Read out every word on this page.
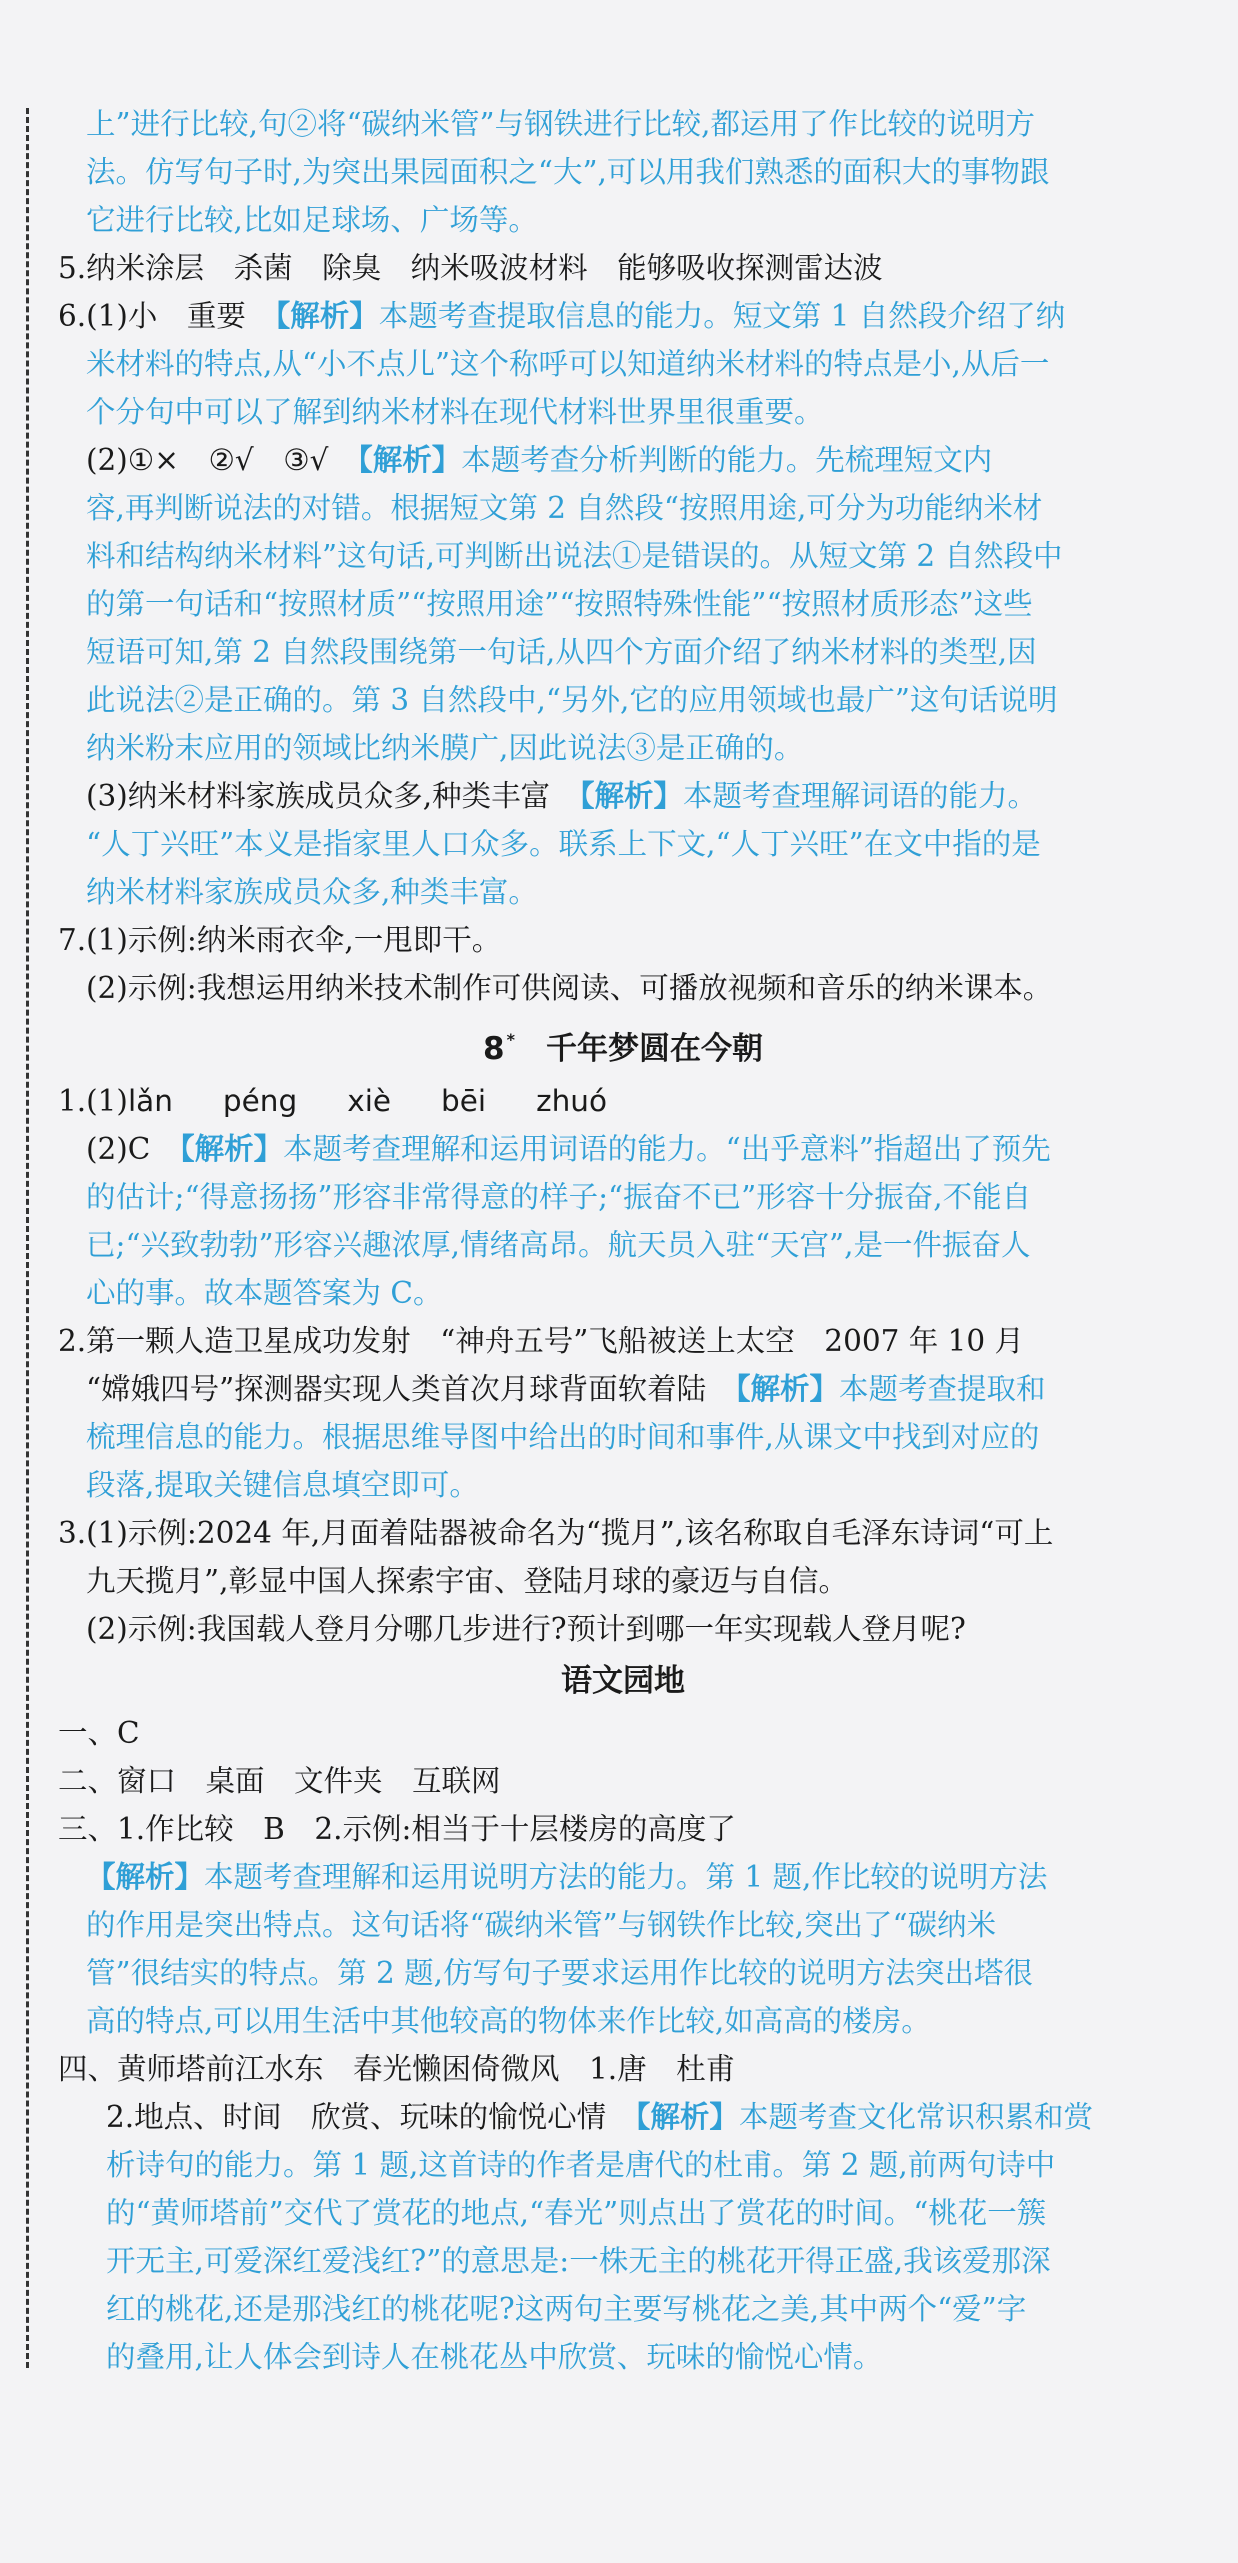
上”进行比较,句②将“碳纳米管”与钢铁进行比较,都运用了作比较的说明方
法。仿写句子时,为突出果园面积之“大”,可以用我们熟悉的面积大的事物跟
它进行比较,比如足球场、广场等。
5.纳米涂层　杀菌　除臭　纳米吸波材料　能够吸收探测雷达波
6.(1)小　重要　 【解析】本题考查提取信息的能力。短文第 1 自然段介绍了纳
米材料的特点,从“小不点儿”这个称呼可以知道纳米材料的特点是小,从后一
个分句中可以了解到纳米材料在现代材料世界里很重要。
(2)①×　②√　③√　 【解析】本题考查分析判断的能力。先梳理短文内
容,再判断说法的对错。根据短文第 2 自然段“按照用途,可分为功能纳米材
料和结构纳米材料”这句话,可判断出说法①是错误的。从短文第 2 自然段中
的第一句话和“按照材质”“按照用途”“按照特殊性能”“按照材质形态”这些
短语可知,第 2 自然段围绕第一句话,从四个方面介绍了纳米材料的类型,因
此说法②是正确的。第 3 自然段中,“另外,它的应用领域也最广”这句话说明
纳米粉末应用的领域比纳米膜广,因此说法③是正确的。
(3)纳米材料家族成员众多,种类丰富　 【解析】本题考查理解词语的能力。
“人丁兴旺”本义是指家里人口众多。联系上下文,“人丁兴旺”在文中指的是
纳米材料家族成员众多,种类丰富。
7.(1)示例:纳米雨衣伞,一甩即干。
(2)示例:我想运用纳米技术制作可供阅读、可播放视频和音乐的纳米课本。
8 *　 千年梦圆在今朝
1.(1)lǎn péng xiè bēi zhuó
(2)C　 【解析】本题考查理解和运用词语的能力。“出乎意料”指超出了预先
的估计;“得意扬扬”形容非常得意的样子;“振奋不已”形容十分振奋,不能自
已;“兴致勃勃”形容兴趣浓厚,情绪高昂。航天员入驻“天宫”,是一件振奋人
心的事。故本题答案为 C。
2.第一颗人造卫星成功发射　“神舟五号”飞船被送上太空　2007 年 10 月
“嫦娥四号”探测器实现人类首次月球背面软着陆　 【解析】本题考查提取和
梳理信息的能力。根据思维导图中给出的时间和事件,从课文中找到对应的
段落,提取关键信息填空即可。
3.(1)示例:2024 年,月面着陆器被命名为“揽月”,该名称取自毛泽东诗词“可上
九天揽月”,彰显中国人探索宇宙、登陆月球的豪迈与自信。
(2)示例:我国载人登月分哪几步进行?预计到哪一年实现载人登月呢?
语文园地
一、C
二、窗口　桌面　文件夹　互联网
三、1.作比较　B　2.示例:相当于十层楼房的高度了
【解析】本题考查理解和运用说明方法的能力。第 1 题,作比较的说明方法
的作用是突出特点。这句话将“碳纳米管”与钢铁作比较,突出了“碳纳米
管”很结实的特点。第 2 题,仿写句子要求运用作比较的说明方法突出塔很
高的特点,可以用生活中其他较高的物体来作比较,如高高的楼房。
四、黄师塔前江水东　春光懒困倚微风　1.唐　杜甫
2.地点、时间　欣赏、玩味的愉悦心情　 【解析】本题考查文化常识积累和赏
析诗句的能力。第 1 题,这首诗的作者是唐代的杜甫。第 2 题,前两句诗中
的“黄师塔前”交代了赏花的地点,“春光”则点出了赏花的时间。“桃花一簇
开无主,可爱深红爱浅红?”的意思是:一株无主的桃花开得正盛,我该爱那深
红的桃花,还是那浅红的桃花呢?这两句主要写桃花之美,其中两个“爱”字
的叠用,让人体会到诗人在桃花丛中欣赏、玩味的愉悦心情。
